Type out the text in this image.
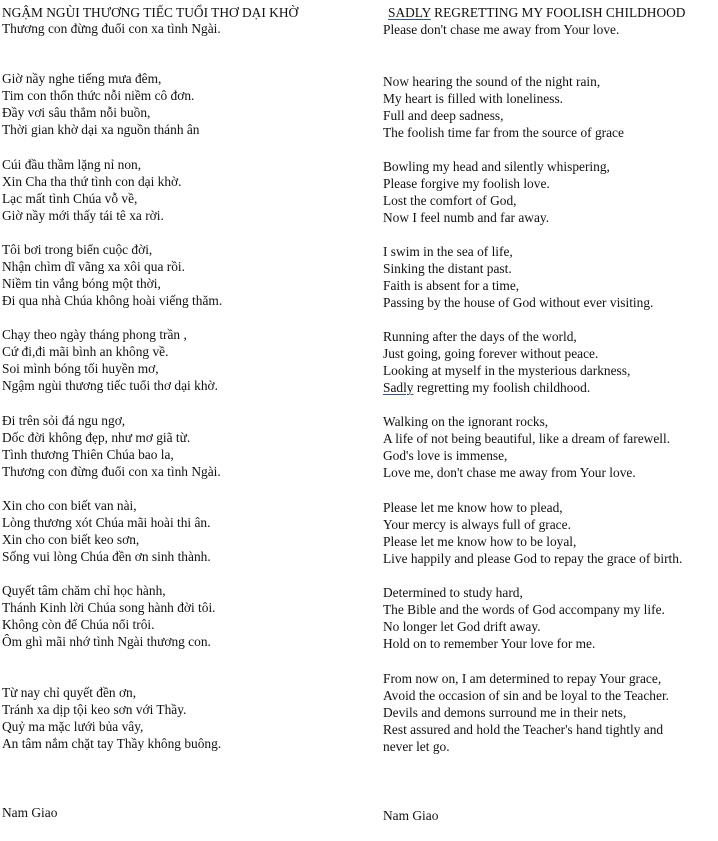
NGẬM NGÙI THƯƠNG TIẾC TUỔI THƠ DẠI KHỜ	SADLY REGRETTING MY FOOLISH CHILDHOOD
Thương con đừng đuổi con xa tình Ngài.
Giờ nầy nghe tiếng mưa đêm,
Tim con thổn thức nỗi niềm cô đơn.
Đầy vơi sâu thẳm nỗi buồn,
Thời gian khờ dại xa nguồn thánh ân
Cúi đầu thầm lặng nỉ non,
Xin Cha tha thứ tình con dại khờ.
Lạc mất tình Chúa vỗ về,
Giờ nầy mới thấy tái tê xa rời.
Tôi bơi trong biển cuộc đời,
Nhận chìm dĩ vãng xa xôi qua rồi.
Niềm tin vắng bóng một thời,
Đi qua nhà Chúa không hoài viếng thăm.
Chạy theo ngày tháng phong trần ,
Cứ đi,đi mãi bình an không về.
Soi mình bóng tối huyền mơ,
Ngậm ngùi thương tiếc tuổi thơ dại khờ.
Đi trên sỏi đá ngu ngơ,
Dốc đời không đẹp, như mơ giã từ.
Tình thương Thiên Chúa bao la,
Thương con đừng đuổi con xa tình Ngài.
Xin cho con biết van nài,
Lòng thương xót Chúa mãi hoài thi ân.
Xin cho con biết keo sơn,
Sống vui lòng Chúa đền ơn sinh thành.
Quyết tâm chăm chỉ học hành,
Thánh Kinh lời Chúa song hành đời tôi.
Không còn để Chúa nổi trôi.
Ôm ghì mãi nhớ tình Ngài thương con.
Từ nay chỉ quyết đền ơn,
Tránh xa dịp tội keo sơn với Thầy.
Quỷ ma mặc lưới bủa vây,
An tâm nắm chặt tay Thầy không buông.
Nam Giao
Please don't chase me away from Your love.
Now hearing the sound of the night rain,
My heart is filled with loneliness.
Full and deep sadness,
The foolish time far from the source of grace
Bowling my head and silently whispering,
Please forgive my foolish love.
Lost the comfort of God,
Now I feel numb and far away.
I swim in the sea of life,
Sinking the distant past.
Faith is absent for a time,
Passing by the house of God without ever visiting.
Running after the days of the world,
Just going, going forever without peace.
Looking at myself in the mysterious darkness,
Sadly regretting my foolish childhood.
Walking on the ignorant rocks,
A life of not being beautiful, like a dream of farewell.
God's love is immense,
Love me, don't chase me away from Your love.
Please let me know how to plead,
Your mercy is always full of grace.
Please let me know how to be loyal,
Live happily and please God to repay the grace of birth.
Determined to study hard,
The Bible and the words of God accompany my life.
No longer let God drift away.
Hold on to remember Your love for me.
From now on, I am determined to repay Your grace,
Avoid the occasion of sin and be loyal to the Teacher.
Devils and demons surround me in their nets,
Rest assured and hold the Teacher's hand tightly and
never let go.
Nam Giao
